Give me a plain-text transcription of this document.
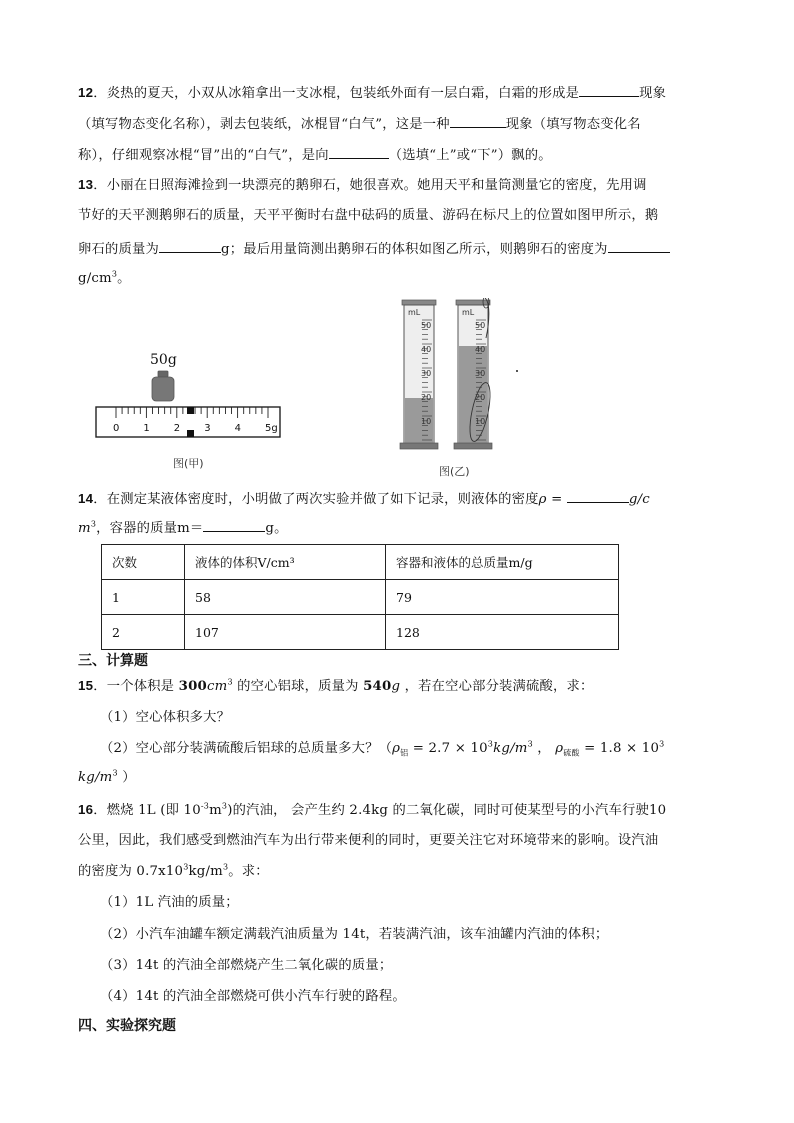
12．炎热的夏天，小双从冰箱拿出一支冰棍，包装纸外面有一层白霜，白霜的形成是	现象
（填写物态变化名称），剥去包装纸，冰棍冒“白气”，这是一种	现象（填写物态变化名
称），仔细观察冰棍“冒”出的“白气”，是向	（选填“上”或“下”）飘的。
13．小丽在日照海滩捡到一块漂亮的鹅卵石，她很喜欢。她用天平和量筒测量它的密度，先用调
节好的天平测鹅卵石的质量，天平平衡时右盘中砝码的质量、游码在标尺上的位置如图甲所示，鹅
卵石的质量为	g；最后用量筒测出鹅卵石的体积如图乙所示，则鹅卵石的密度为
$g/cm^3$。
50g
0 1 2 3 4 5g
图(甲)
mL
50
40
30
20
10
mL
50
40
30
20
10
图(乙)
14．在测定某液体密度时，小明做了两次实验并做了如下记录，则液体的密度ρ =	g/c
$m^3$，容器的质量m＝	g。
次数	液体的体积V/cm³	容器和液体的总质量m/g
1	58	79
2	107	128
三、计算题
15．一个体积是 $300cm^3$ 的空心铝球，质量为 540g ，若在空心部分装满硫酸，求：
（1）空心体积多大？
（2）空心部分装满硫酸后铝球的总质量多大？（$\rho_铝 = 2.7 \times 10^3kg/m^3$ ， $\rho_{硫酸} = 1.8 \times 10^3$
$kg/m^3$ ）
16．燃烧 1L (即 $10^{-3}m^3$)的汽油， 会产生约 2.4kg 的二氧化碳，同时可使某型号的小汽车行驶10
公里，因此，我们感受到燃油汽车为出行带来便利的同时，更要关注它对环境带来的影响。设汽油
的密度为 $0.7x10^3kg/m^3$。求：
（1）1L 汽油的质量；
（2）小汽车油罐车额定满载汽油质量为 14t，若装满汽油，该车油罐内汽油的体积；
（3）14t 的汽油全部燃烧产生二氧化碳的质量；
（4）14t 的汽油全部燃烧可供小汽车行驶的路程。
四、实验探究题
